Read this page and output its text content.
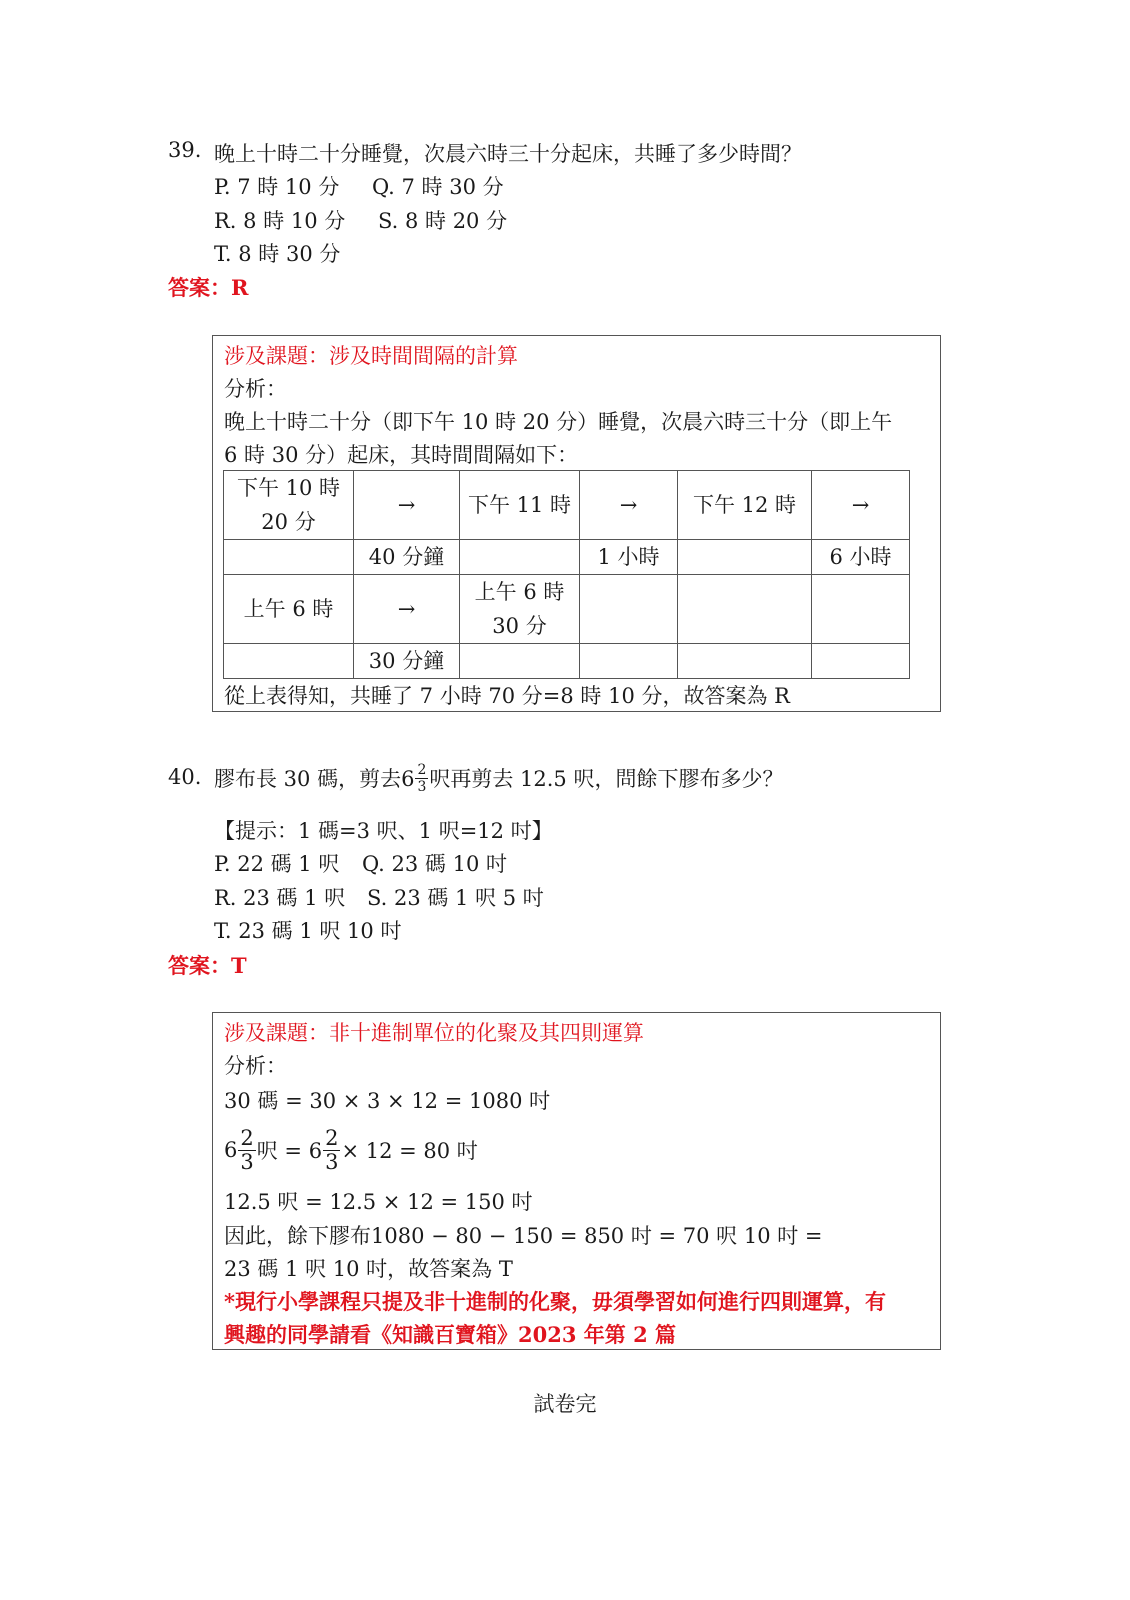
39. 晚上十時二十分睡覺，次晨六時三十分起床，共睡了多少時間？
P. 7 時 10 分 Q. 7 時 30 分
R. 8 時 10 分 S. 8 時 20 分
T. 8 時 30 分
答案：R
涉及課題：涉及時間間隔的計算
分析：
晚上十時二十分（即下午 10 時 20 分）睡覺，次晨六時三十分（即上午
6 時 30 分）起床，其時間間隔如下：
下午 10 時
20 分	→	下午 11 時	→	下午 12 時	→
	40 分鐘		1 小時		6 小時
上午 6 時	→	上午 6 時
30 分			

	30 分鐘				
從上表得知，共睡了 7 小時 70 分=8 時 10 分，故答案為 R
40. 膠布長 30 碼，剪去$6 \frac{2}{3}$ 呎再剪去 12.5 呎，問餘下膠布多少？
【提示：1 碼=3 呎、1 呎=12 吋】
P. 22 碼 1 呎 Q. 23 碼 10 吋
R. 23 碼 1 呎 S. 23 碼 1 呎 5 吋
T. 23 碼 1 呎 10 吋
答案：T
涉及課題：非十進制單位的化聚及其四則運算
分析：
30 碼 = 30 × 3 × 12 = 1080 吋
$6 \frac{2}{3}$ 呎 = $6 \frac{2}{3} \times 12 = 80$ 吋
12.5 呎 = 12.5 × 12 = 150 吋
因此，餘下膠布1080 − 80 − 150 = 850 吋 = 70 呎 10 吋 =
23 碼 1 呎 10 吋，故答案為 T
*現行小學課程只提及非十進制的化聚，毋須學習如何進行四則運算，有
興趣的同學請看《知識百寶箱》2023 年第 2 篇
試卷完
